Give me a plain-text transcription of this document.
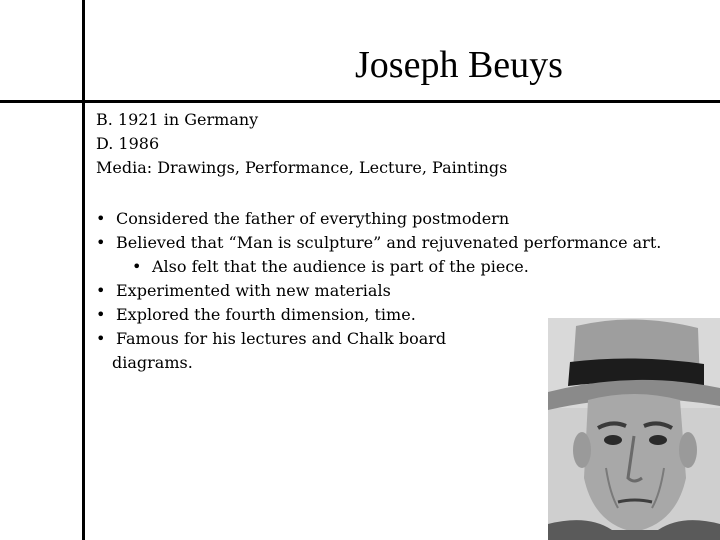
Joseph Beuys
B. 1921 in Germany
D. 1986
Media: Drawings, Performance, Lecture, Paintings
• Considered the father of everything postmodern
• Believed that “Man is sculpture” and rejuvenated performance art.
• Also felt that the audience is part of the piece.
• Experimented with new materials
• Explored the fourth dimension, time.
• Famous for his lectures and Chalk board
diagrams.
